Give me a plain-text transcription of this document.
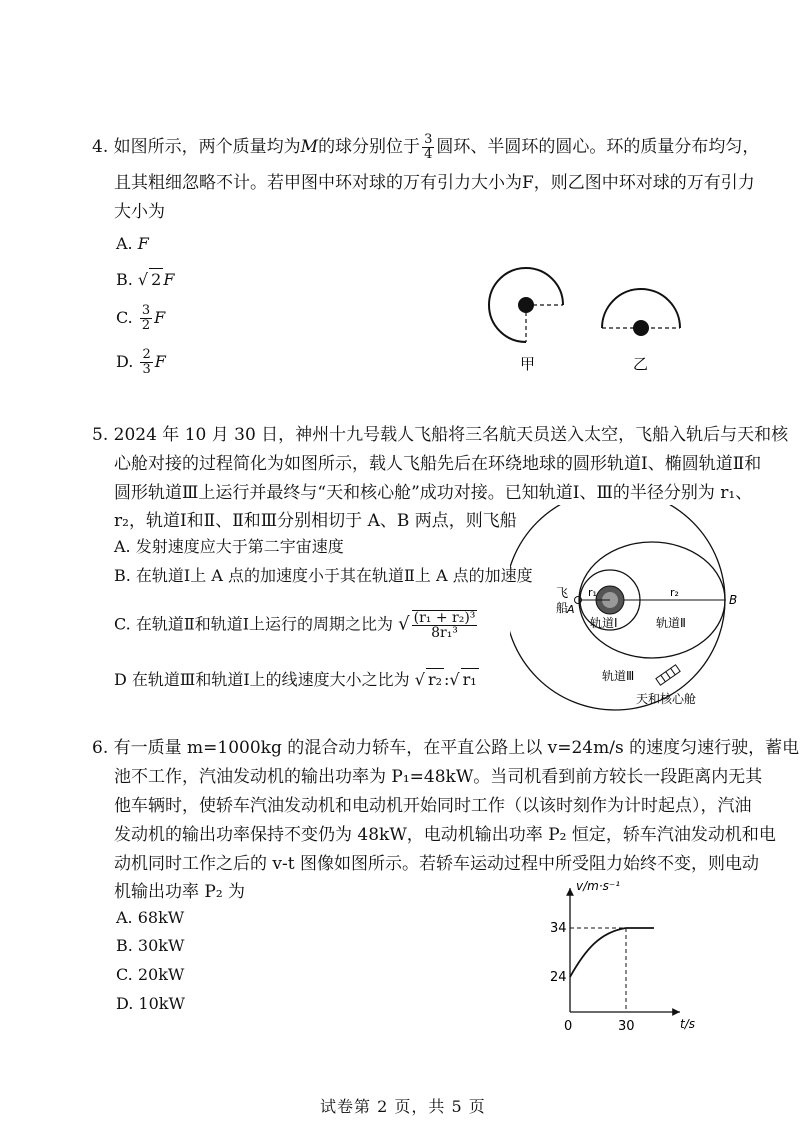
4. 如图所示，两个质量均为M的球分别位于 $\frac{3}{4}$ 圆环、半圆环的圆心。环的质量分布均匀，
且其粗细忽略不计。若甲图中环对球的万有引力大小为F，则乙图中环对球的万有引力
大小为
A. F
B. √ 2 F
C. $\frac{3}{2}$ F
D. $\frac{2}{3}$ F	甲	乙
5. 2024 年 10 月 30 日，神州十九号载人飞船将三名航天员送入太空，飞船入轨后与天和核
心舱对接的过程简化为如图所示，载人飞船先后在环绕地球的圆形轨道Ⅰ、椭圆轨道Ⅱ和
圆形轨道Ⅲ上运行并最终与“天和核心舱”成功对接。已知轨道Ⅰ、Ⅲ的半径分别为 r₁、
r₂，轨道Ⅰ和Ⅱ、Ⅱ和Ⅲ分别相切于 A、B 两点，则飞船
A. 发射速度应大于第二宇宙速度
B. 在轨道Ⅰ上 A 点的加速度小于其在轨道Ⅱ上 A 点的加速度
C. 在轨道Ⅱ和轨道Ⅰ上运行的周期之比为 √ $\frac{\text{(r₁ + r₂)³}}{\text{8r₁³}}$
D 在轨道Ⅲ和轨道Ⅰ上的线速度大小之比为 √ r₂ :√ r₁
r₁	r₂
飞
船
A
B
轨道Ⅰ	轨道Ⅱ
轨道Ⅲ
天和核心舱
6. 有一质量 m=1000kg 的混合动力轿车，在平直公路上以 v=24m/s 的速度匀速行驶，蓄电
池不工作，汽油发动机的输出功率为 P₁=48kW。当司机看到前方较长一段距离内无其
他车辆时，使轿车汽油发动机和电动机开始同时工作（以该时刻作为计时起点），汽油
发动机的输出功率保持不变仍为 48kW，电动机输出功率 P₂ 恒定，轿车汽油发动机和电
动机同时工作之后的 v-t 图像如图所示。若轿车运动过程中所受阻力始终不变，则电动
机输出功率 P₂ 为
A. 68kW
B. 30kW
C. 20kW
D. 10kW
v/m·s⁻¹
t/s
34
24
0	30
试卷第 2 页，共 5 页
